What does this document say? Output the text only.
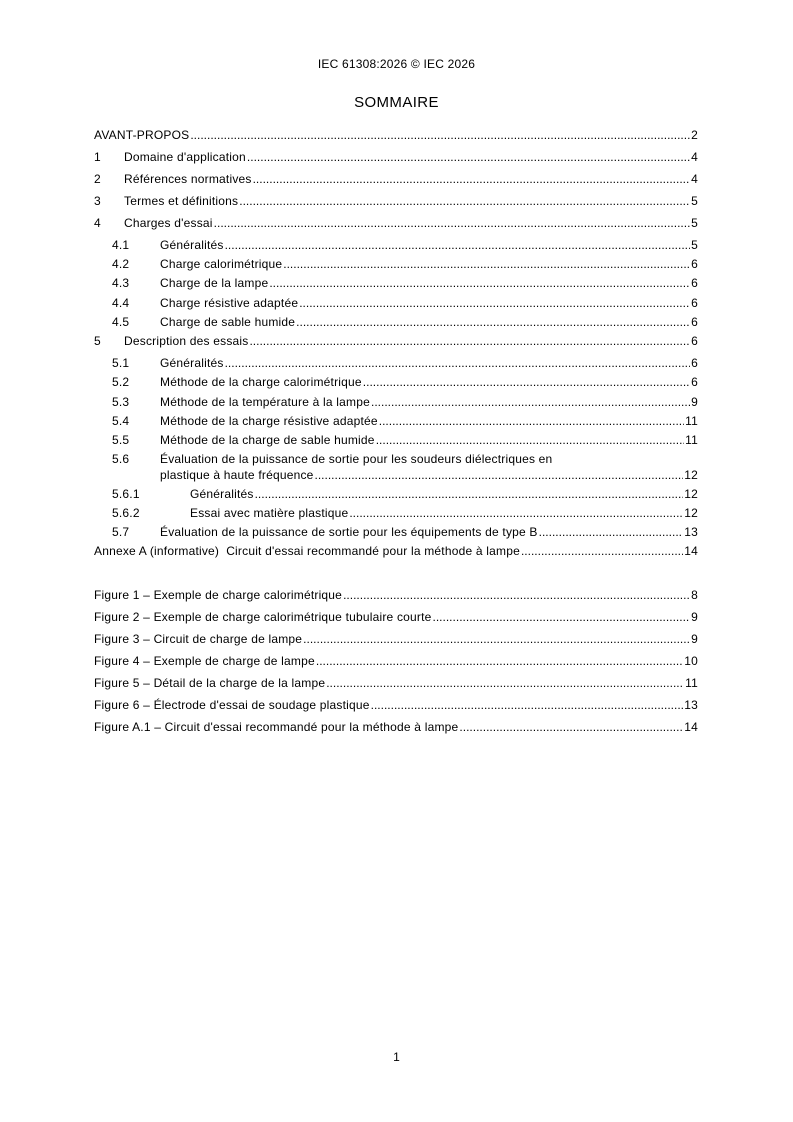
IEC 61308:2026 © IEC 2026
SOMMAIRE
AVANT-PROPOS .....	2
1	Domaine d'application .....	4
2	Références normatives .....	4
3	Termes et définitions .....	5
4	Charges d'essai .....	5
4.1	Généralités .....	5
4.2	Charge calorimétrique .....	6
4.3	Charge de la lampe .....	6
4.4	Charge résistive adaptée .....	6
4.5	Charge de sable humide .....	6
5	Description des essais .....	6
5.1	Généralités .....	6
5.2	Méthode de la charge calorimétrique .....	6
5.3	Méthode de la température à la lampe .....	9
5.4	Méthode de la charge résistive adaptée .....	11
5.5	Méthode de la charge de sable humide .....	11
5.6	Évaluation de la puissance de sortie pour les soudeurs diélectriques en
plastique à haute fréquence .....	12
5.6.1	Généralités .....	12
5.6.2	Essai avec matière plastique .....	12
5.7	Évaluation de la puissance de sortie pour les équipements de type B .....	13
Annexe A (informative)  Circuit d'essai recommandé pour la méthode à lampe .....	14
Figure 1 – Exemple de charge calorimétrique .....	8
Figure 2 – Exemple de charge calorimétrique tubulaire courte .....	9
Figure 3 – Circuit de charge de lampe .....	9
Figure 4 – Exemple de charge de lampe .....	10
Figure 5 – Détail de la charge de la lampe .....	11
Figure 6 – Électrode d'essai de soudage plastique .....	13
Figure A.1 – Circuit d'essai recommandé pour la méthode à lampe .....	14
1
